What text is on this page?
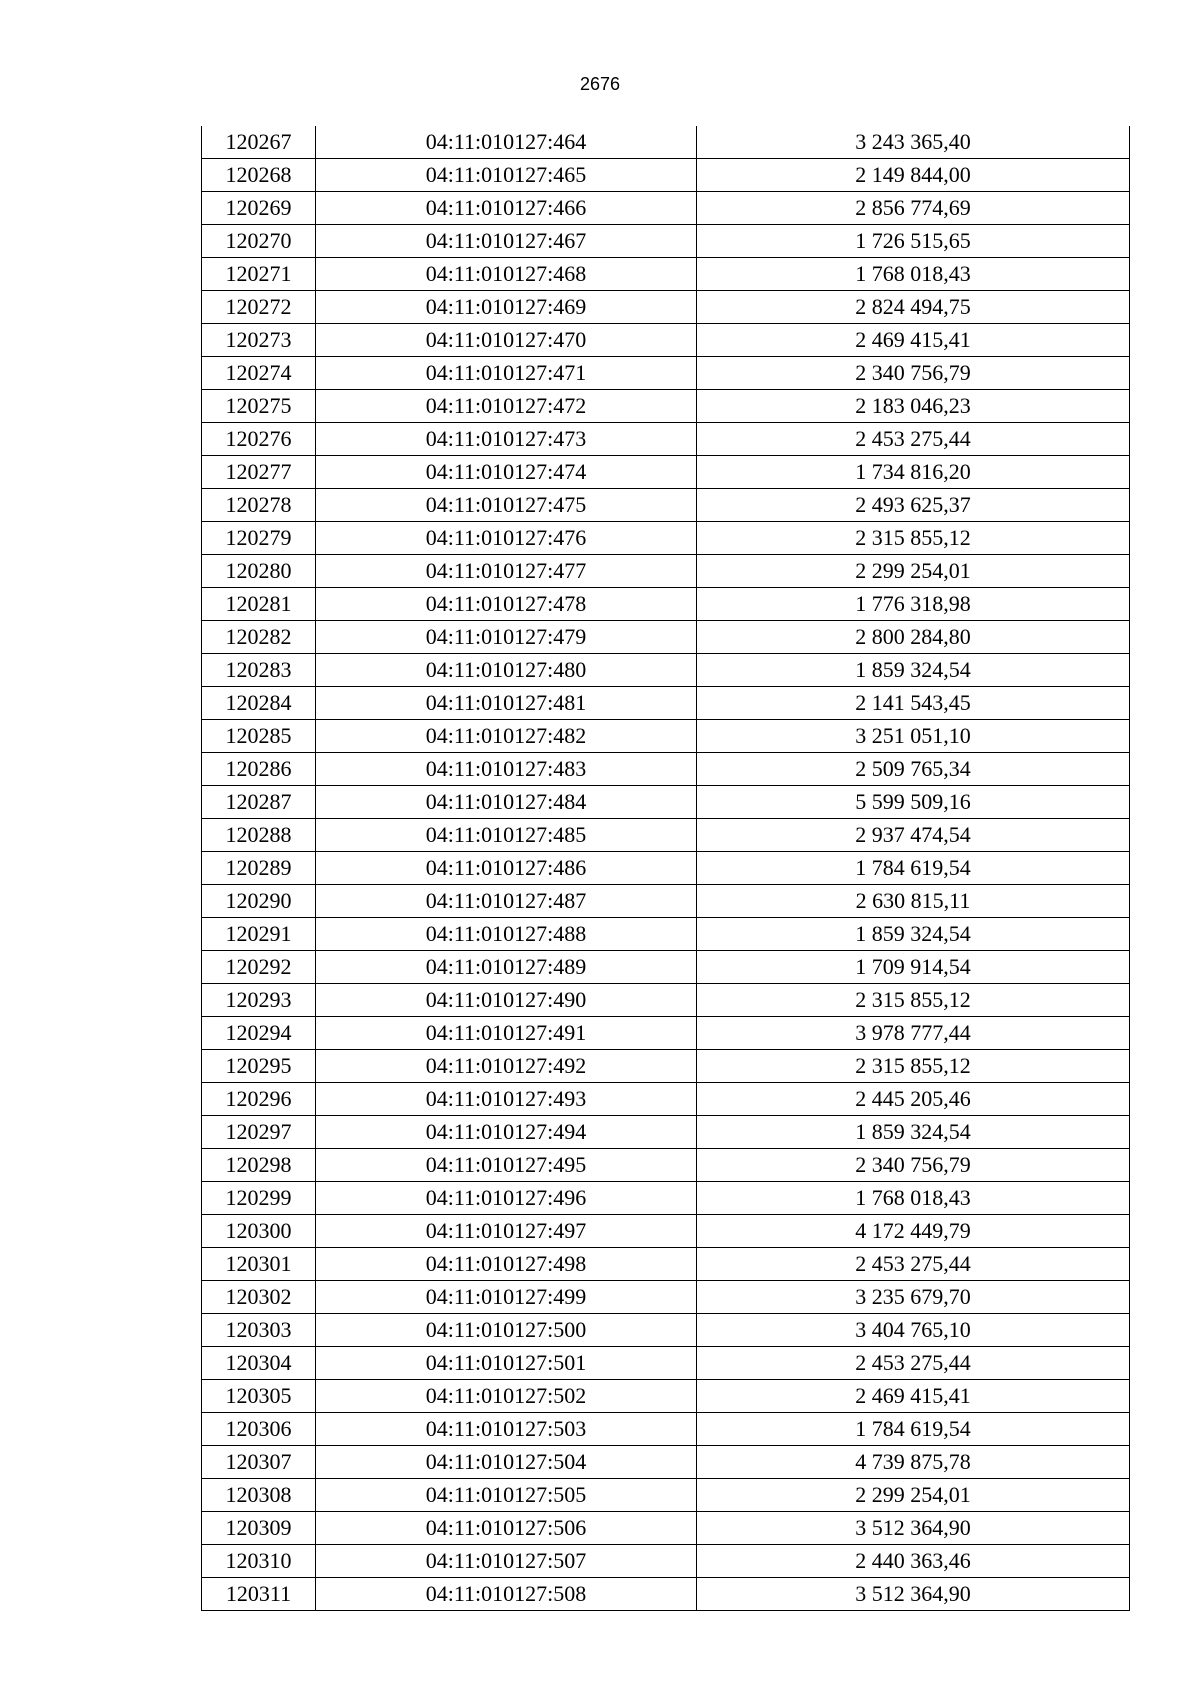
2676
120267	04:11:010127:464	3 243 365,40
120268	04:11:010127:465	2 149 844,00
120269	04:11:010127:466	2 856 774,69
120270	04:11:010127:467	1 726 515,65
120271	04:11:010127:468	1 768 018,43
120272	04:11:010127:469	2 824 494,75
120273	04:11:010127:470	2 469 415,41
120274	04:11:010127:471	2 340 756,79
120275	04:11:010127:472	2 183 046,23
120276	04:11:010127:473	2 453 275,44
120277	04:11:010127:474	1 734 816,20
120278	04:11:010127:475	2 493 625,37
120279	04:11:010127:476	2 315 855,12
120280	04:11:010127:477	2 299 254,01
120281	04:11:010127:478	1 776 318,98
120282	04:11:010127:479	2 800 284,80
120283	04:11:010127:480	1 859 324,54
120284	04:11:010127:481	2 141 543,45
120285	04:11:010127:482	3 251 051,10
120286	04:11:010127:483	2 509 765,34
120287	04:11:010127:484	5 599 509,16
120288	04:11:010127:485	2 937 474,54
120289	04:11:010127:486	1 784 619,54
120290	04:11:010127:487	2 630 815,11
120291	04:11:010127:488	1 859 324,54
120292	04:11:010127:489	1 709 914,54
120293	04:11:010127:490	2 315 855,12
120294	04:11:010127:491	3 978 777,44
120295	04:11:010127:492	2 315 855,12
120296	04:11:010127:493	2 445 205,46
120297	04:11:010127:494	1 859 324,54
120298	04:11:010127:495	2 340 756,79
120299	04:11:010127:496	1 768 018,43
120300	04:11:010127:497	4 172 449,79
120301	04:11:010127:498	2 453 275,44
120302	04:11:010127:499	3 235 679,70
120303	04:11:010127:500	3 404 765,10
120304	04:11:010127:501	2 453 275,44
120305	04:11:010127:502	2 469 415,41
120306	04:11:010127:503	1 784 619,54
120307	04:11:010127:504	4 739 875,78
120308	04:11:010127:505	2 299 254,01
120309	04:11:010127:506	3 512 364,90
120310	04:11:010127:507	2 440 363,46
120311	04:11:010127:508	3 512 364,90
